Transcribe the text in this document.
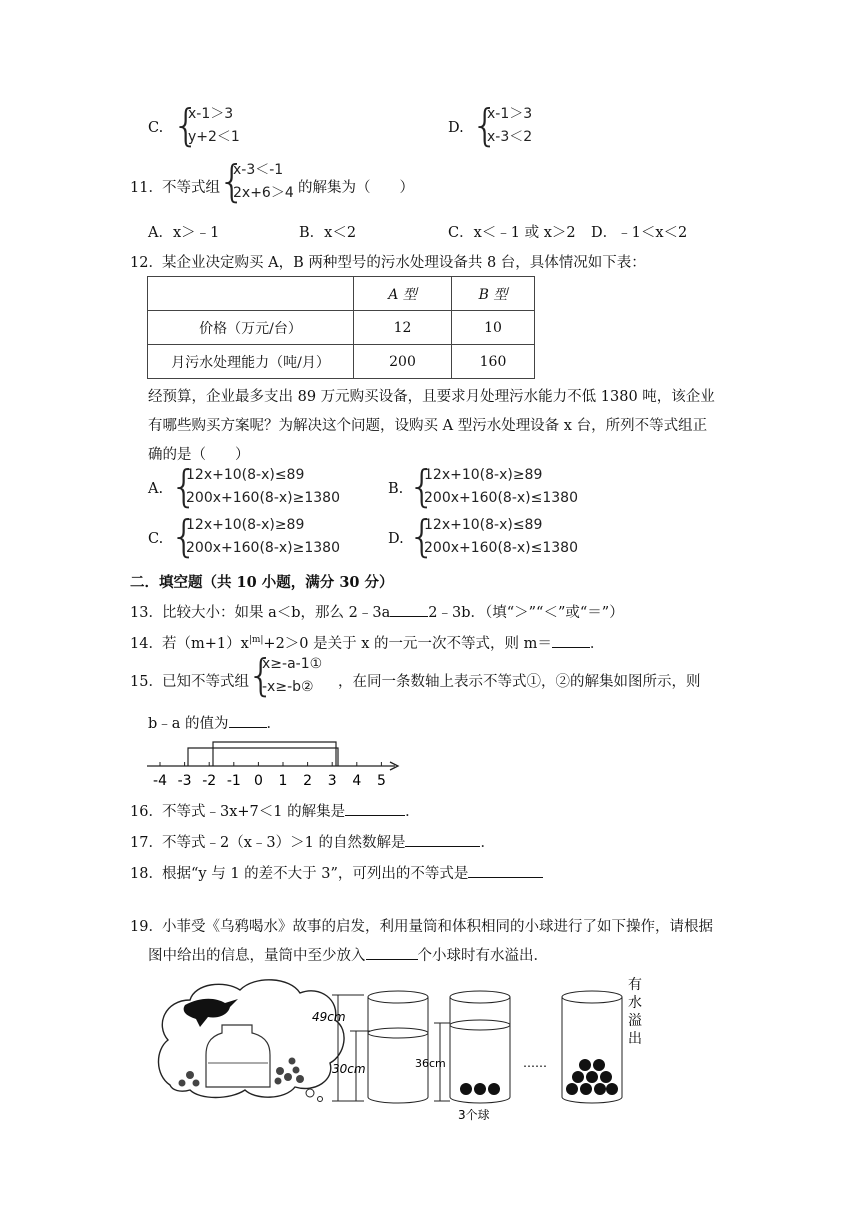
C. {
x-1＞3
y+2＜1
D. {
x-1＞3
x-3＜2
11． 不等式组
{
x-3＜-1
2x+6＞4 的解集为（　　）
A．x＞﹣1	B．x＜2	C．x＜﹣1 或 x＞2 D．﹣1＜x＜2
12． 某企业决定购买 A，B 两种型号的污水处理设备共 8 台，具体情况如下表：
	A 型	B 型
价格（万元/台）	12	10
月污水处理能力（吨/月）	200	160
经预算，企业最多支出 89 万元购买设备，且要求月处理污水能力不低 1380 吨，该企业
有哪些购买方案呢？为解决这个问题，设购买 A 型污水处理设备 x 台，所列不等式组正
确的是（　　）
A. {
12x+10(8-x)≤89
200x+160(8-x)≥1380
B. {
12x+10(8-x)≥89
200x+160(8-x)≤1380
C. {
12x+10(8-x)≥89
200x+160(8-x)≥1380
D. {
12x+10(8-x)≤89
200x+160(8-x)≤1380
二．填空题（共 10 小题，满分 30 分）
13． 比较大小：如果 a＜b，那么 2﹣3a	2﹣3b．（填“＞”“＜”或“＝”）
14． 若$(m+1)x^{|m|}+2>0$ 是关于 x 的一元一次不等式，则 m＝	．
15． 已知不等式组
{
x≥-a-1①
-x≥-b②	，在同一条数轴上表示不等式①，②的解集如图所示，则
b﹣a 的值为	．
-4 -3 -2 -1 0 1 2 3 4 5
16． 不等式﹣3x+7＜1 的解集是	．
17． 不等式﹣2（x﹣3）＞1 的自然数解是	．
18． 根据“y 与 1 的差不大于 3”，可列出的不等式是
19． 小菲受《乌鸦喝水》故事的启发，利用量筒和体积相同的小球进行了如下操作，请根据
图中给出的信息，量筒中至少放入	个小球时有水溢出．
49cm
30cm	36cm
3个球
……
有
水
溢
出
